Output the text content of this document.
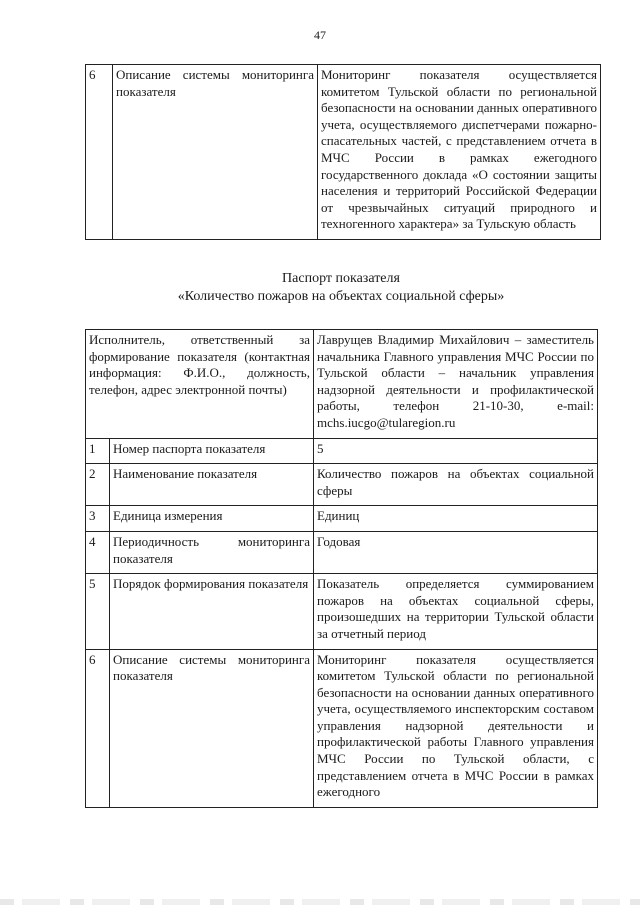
47
6	Описание системы мониторинга показателя	Мониторинг показателя осуществляется комитетом Тульской области по региональной безопасности на основании данных оперативного учета, осуществляемого диспетчерами пожарно-спасательных частей, с представлением отчета в МЧС России в рамках ежегодного государственного доклада «О состоянии защиты населения и территорий Российской Федерации от чрезвычайных ситуаций природного и техногенного характера» за Тульскую область
Паспорт показателя
«Количество пожаров на объектах социальной сферы»
Исполнитель, ответственный за формирование показателя (контактная информация: Ф.И.О., должность, телефон, адрес электронной почты)		Лаврущев Владимир Михайлович – заместитель начальника Главного управления МЧС России по Тульской области – начальник управления надзорной деятельности и профилактической работы, телефон 21-10-30, e-mail: mchs.iucgo@tularegion.ru
1	Номер паспорта показателя	5
2	Наименование показателя	Количество пожаров на объектах социальной сферы
3	Единица измерения	Единиц
4	Периодичность мониторинга показателя	Годовая
5	Порядок формирования показателя	Показатель определяется суммированием пожаров на объектах социальной сферы, произошедших на территории Тульской области за отчетный период
6	Описание системы мониторинга показателя	Мониторинг показателя осуществляется комитетом Тульской области по региональной безопасности на основании данных оперативного учета, осуществляемого инспекторским составом управления надзорной деятельности и профилактической работы Главного управления МЧС России по Тульской области, с представлением отчета в МЧС России в рамках ежегодного
